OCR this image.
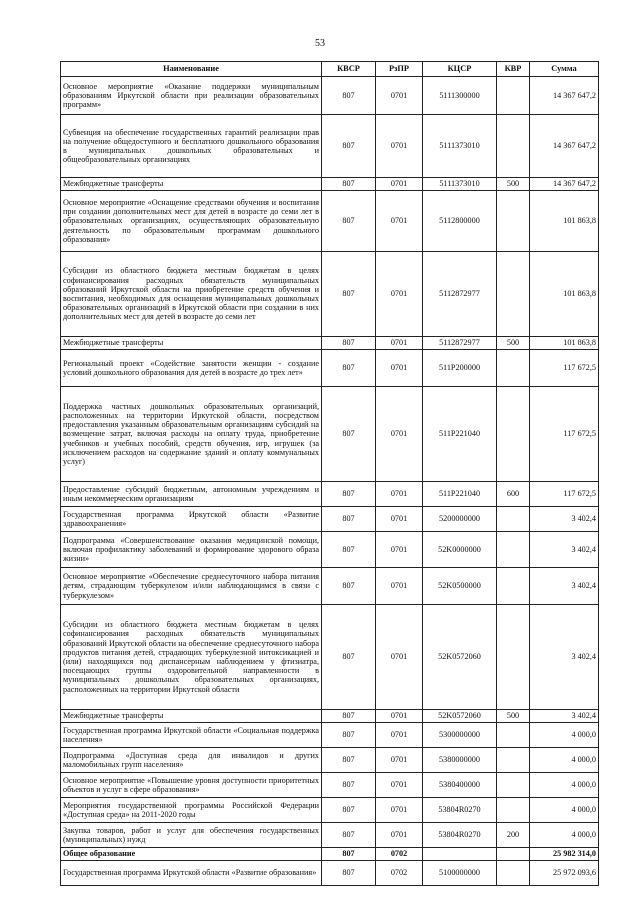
53
Наименование	КВСР	РзПР	КЦСР	КВР	Сумма
Основное мероприятие «Оказание поддержки муниципальным образованиям Иркутской области при реализации образовательных программ»	807	0701	5111300000		14 367 647,2
Субвенция на обеспечение государственных гарантий реализации прав на получение общедоступного и бесплатного дошкольного образования в муниципальных дошкольных образовательных и общеобразовательных организациях	807	0701	5111373010		14 367 647,2
Межбюджетные трансферты	807	0701	5111373010	500	14 367 647,2
Основное мероприятие «Оснащение средствами обучения и воспитания при создании дополнительных мест для детей в возрасте до семи лет в образовательных организациях, осуществляющих образовательную деятельность по образовательным программам дошкольного образования»	807	0701	5112800000		101 863,8
Субсидии из областного бюджета местным бюджетам в целях софинансирования расходных обязательств муниципальных образований Иркутской области на приобретение средств обучения и воспитания, необходимых для оснащения муниципальных дошкольных образовательных организаций в Иркутской области при создании в них дополнительных мест для детей в возрасте до семи лет	807	0701	5112872977		101 863,8
Межбюджетные трансферты	807	0701	5112872977	500	101 863,8
Региональный проект «Содействие занятости женщин - создание условий дошкольного образования для детей в возрасте до трех лет»	807	0701	511P200000		117 672,5
Поддержка частных дошкольных образовательных организаций, расположенных на территории Иркутской области, посредством предоставления указанным образовательным организациям субсидий на возмещение затрат, включая расходы на оплату труда, приобретение учебников и учебных пособий, средств обучения, игр, игрушек (за исключением расходов на содержание зданий и оплату коммунальных услуг)	807	0701	511P221040		117 672,5
Предоставление субсидий бюджетным, автономным учреждениям и иным некоммерческим организациям	807	0701	511P221040	600	117 672,5
Государственная программа Иркутской области «Развитие здравоохранения»	807	0701	5200000000		3 402,4
Подпрограмма «Совершенствование оказания медицинской помощи, включая профилактику заболеваний и формирование здорового образа жизни»	807	0701	52K0000000		3 402,4
Основное мероприятие «Обеспечение среднесуточного набора питания детям, страдающим туберкулезом и/или наблюдающимся в связи с туберкулезом»	807	0701	52K0500000		3 402,4
Субсидии из областного бюджета местным бюджетам в целях софинансирования расходных обязательств муниципальных образований Иркутской области на обеспечение среднесуточного набора продуктов питания детей, страдающих туберкулезной интоксикацией и (или) находящихся под диспансерным наблюдением у фтизиатра, посещающих группы оздоровительной направленности в муниципальных дошкольных образовательных организациях, расположенных на территории Иркутской области	807	0701	52K0572060		3 402,4
Межбюджетные трансферты	807	0701	52K0572060	500	3 402,4
Государственная программа Иркутской области «Социальная поддержка населения»	807	0701	5300000000		4 000,0
Подпрограмма «Доступная среда для инвалидов и других маломобильных групп населения»	807	0701	5380000000		4 000,0
Основное мероприятие «Повышение уровня доступности приоритетных объектов и услуг в сфере образования»	807	0701	5380400000		4 000,0
Мероприятия государственной программы Российской Федерации «Доступная среда» на 2011-2020 годы	807	0701	53804R0270		4 000,0
Закупка товаров, работ и услуг для обеспечения государственных (муниципальных) нужд	807	0701	53804R0270	200	4 000,0
Общее образование	807	0702			25 982 314,0
Государственная программа Иркутской области «Развитие образования»	807	0702	5100000000		25 972 093,6
